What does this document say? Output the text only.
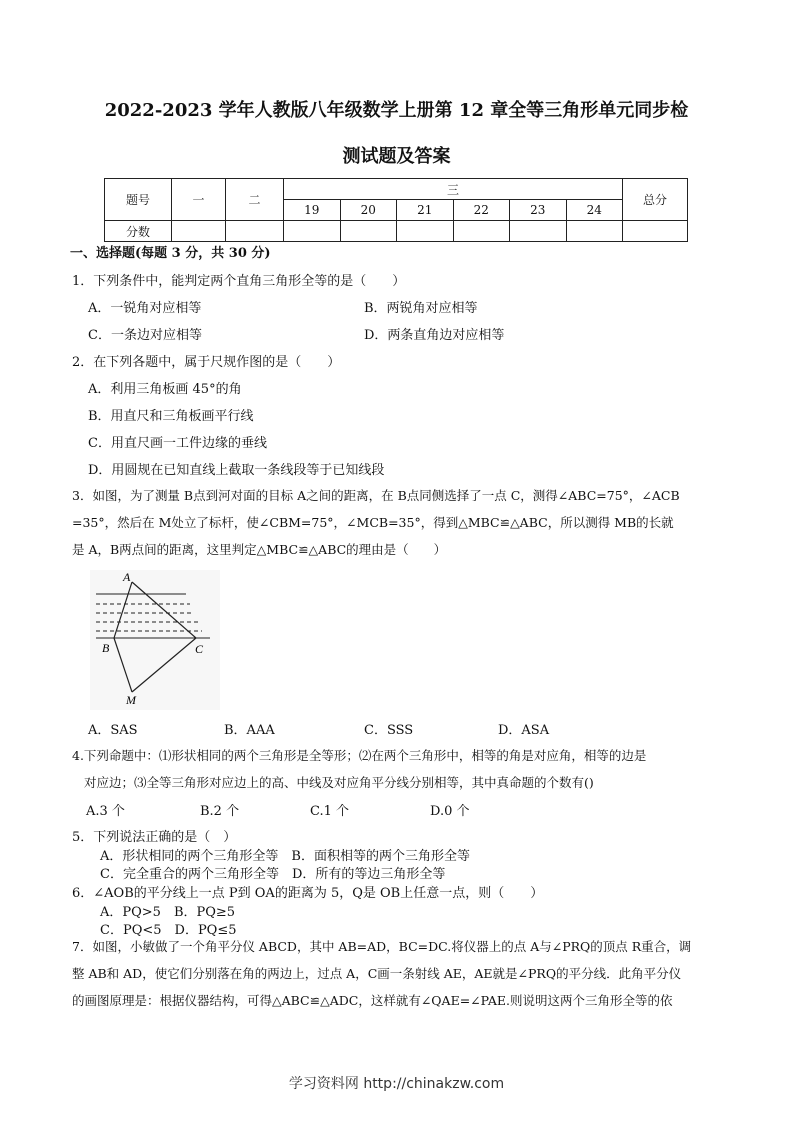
2022-2023 学年人教版八年级数学上册第 12 章全等三角形单元同步检
测试题及答案
题号	一	二	三						总分
			19	20	21	22	23	24	
分数									
一、选择题(每题 3 分，共 30 分)
1．下列条件中，能判定两个直角三角形全等的是（　　）
A．一锐角对应相等	B．两锐角对应相等
C．一条边对应相等	D．两条直角边对应相等
2．在下列各题中，属于尺规作图的是（　　）
A．利用三角板画 45°的角
B．用直尺和三角板画平行线
C．用直尺画一工件边缘的垂线
D．用圆规在已知直线上截取一条线段等于已知线段
3．如图，为了测量 B点到河对面的目标 A之间的距离，在 B点同侧选择了一点 C，测得∠ABC=75°，∠ACB
=35°，然后在 M处立了标杆，使∠CBM=75°，∠MCB=35°，得到△MBC≌△ABC，所以测得 MB的长就
是 A，B两点间的距离，这里判定△MBC≌△ABC的理由是（　　）
A
B	C
M
A．SAS	B．AAA	C．SSS	D．ASA
4.下列命题中：⑴形状相同的两个三角形是全等形；⑵在两个三角形中，相等的角是对应角，相等的边是
对应边；⑶全等三角形对应边上的高、中线及对应角平分线分别相等，其中真命题的个数有()
A.3 个	B.2 个	C.1 个	D.0 个
5．下列说法正确的是（　）
A．形状相同的两个三角形全等　B．面积相等的两个三角形全等
C．完全重合的两个三角形全等　D．所有的等边三角形全等
6．∠AOB的平分线上一点 P到 OA的距离为 5，Q是 OB上任意一点，则（　　）
A．PQ>5　B．PQ≥5
C．PQ<5　D．PQ≤5
7．如图，小敏做了一个角平分仪 ABCD，其中 AB=AD，BC=DC.将仪器上的点 A与∠PRQ的顶点 R重合，调
整 AB和 AD，使它们分别落在角的两边上，过点 A，C画一条射线 AE，AE就是∠PRQ的平分线．此角平分仪
的画图原理是：根据仪器结构，可得△ABC≌△ADC，这样就有∠QAE=∠PAE.则说明这两个三角形全等的依
学习资料网 http://chinakzw.com
